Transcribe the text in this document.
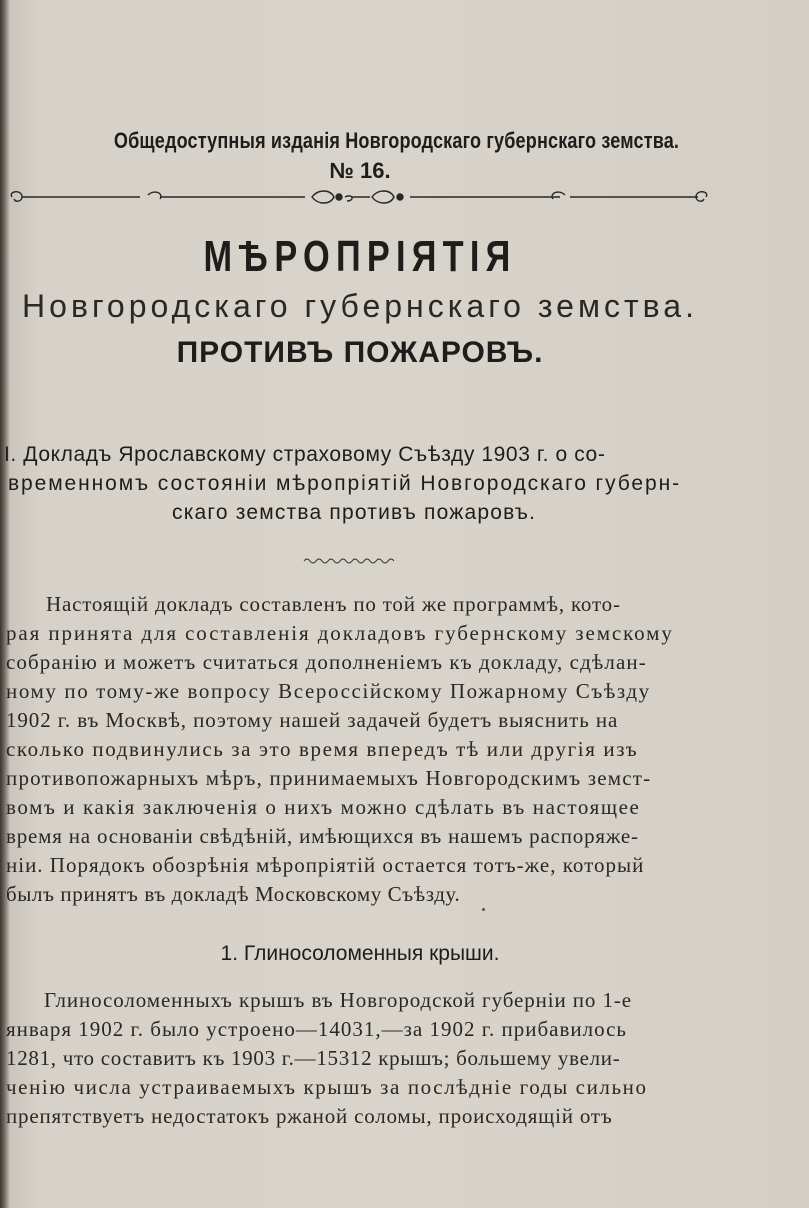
Общедоступныя изданія Новгородскаго губернскаго земства.
№ 16.
МѢРОПРІЯТІЯ
Новгородскаго губернскаго земства.
ПРОТИВЪ ПОЖАРОВЪ.
I. Докладъ Ярославскому страховому Съѣзду 1903 г. о со-
временномъ состояніи мѣропріятій Новгородскаго губерн-
скаго земства противъ пожаровъ.
Настоящій докладъ составленъ по той же программѣ, кото-
рая принята для составленія докладовъ губернскому земскому
собранію и можетъ считаться дополненіемъ къ докладу, сдѣлан-
ному по тому-же вопросу Всероссійскому Пожарному Съѣзду
1902 г. въ Москвѣ, поэтому нашей задачей будетъ выяснить на
сколько подвинулись за это время впередъ тѣ или другія изъ
противопожарныхъ мѣръ, принимаемыхъ Новгородскимъ земст-
вомъ и какія заключенія о нихъ можно сдѣлать въ настоящее
время на основаніи свѣдѣній, имѣющихся въ нашемъ распоряже-
ніи. Порядокъ обозрѣнія мѣропріятій остается тотъ-же, который
былъ принятъ въ докладѣ Московскому Съѣзду.
1. Глиносоломенныя крыши.
Глиносоломенныхъ крышъ въ Новгородской губерніи по 1-е
января 1902 г. было устроено—14031,—за 1902 г. прибавилось
1281, что составитъ къ 1903 г.—15312 крышъ; большему увели-
ченію числа устраиваемыхъ крышъ за послѣдніе годы сильно
препятствуетъ недостатокъ ржаной соломы, происходящій отъ
